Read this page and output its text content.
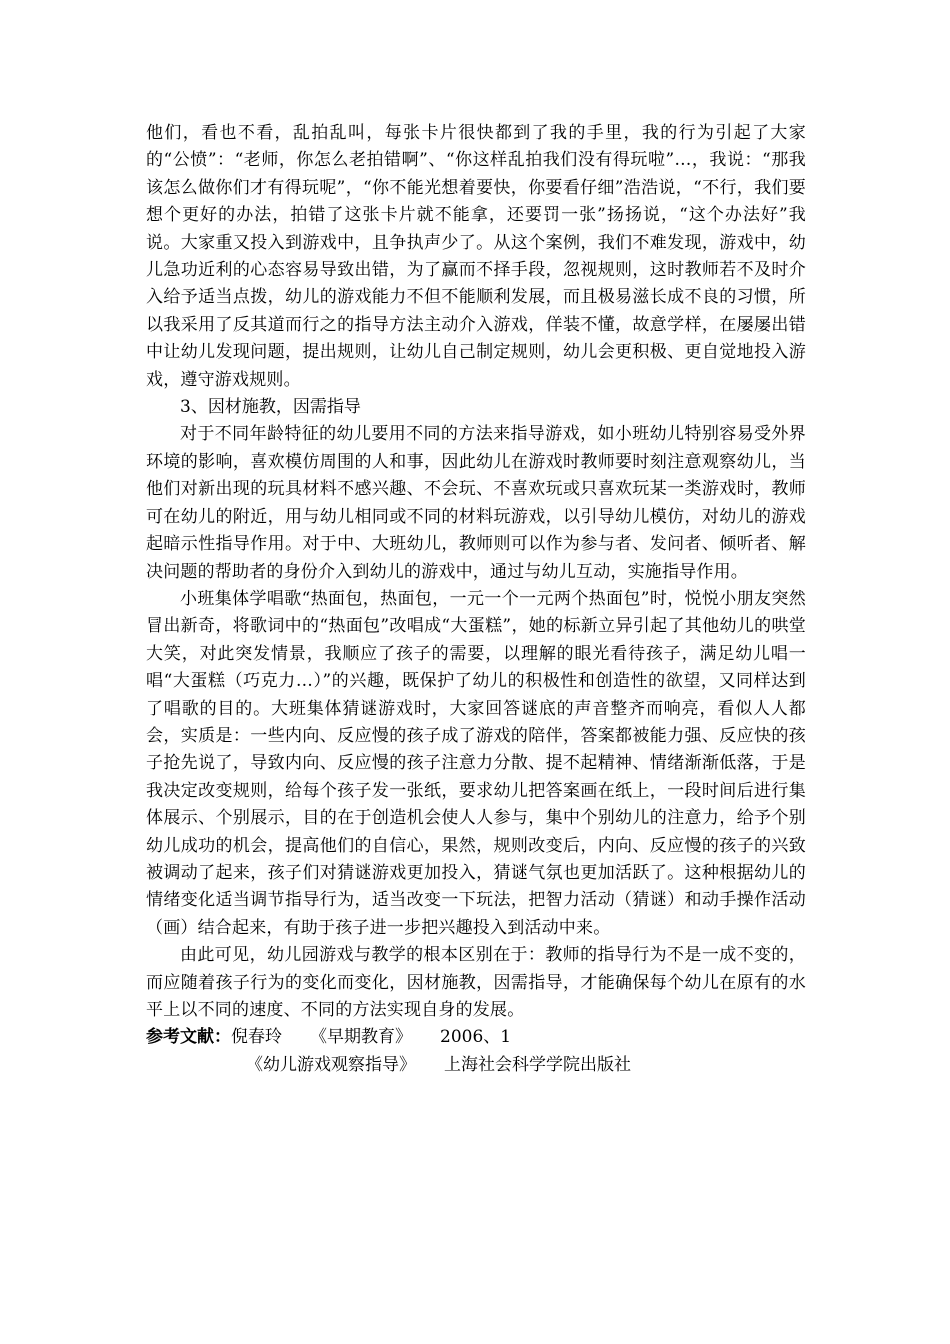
他们，看也不看，乱拍乱叫，每张卡片很快都到了我的手里，我的行为引起了大家的“公愤”：“老师，你怎么老拍错啊”、“你这样乱拍我们没有得玩啦”…，我说：“那我该怎么做你们才有得玩呢”，“你不能光想着要快，你要看仔细”浩浩说，“不行，我们要想个更好的办法，拍错了这张卡片就不能拿，还要罚一张”扬扬说，“这个办法好”我说。大家重又投入到游戏中，且争执声少了。从这个案例，我们不难发现，游戏中，幼儿急功近利的心态容易导致出错，为了赢而不择手段，忽视规则，这时教师若不及时介入给予适当点拨，幼儿的游戏能力不但不能顺利发展，而且极易滋长成不良的习惯，所以我采用了反其道而行之的指导方法主动介入游戏，佯装不懂，故意学样，在屡屡出错中让幼儿发现问题，提出规则，让幼儿自己制定规则，幼儿会更积极、更自觉地投入游戏，遵守游戏规则。

3、因材施教，因需指导

对于不同年龄特征的幼儿要用不同的方法来指导游戏，如小班幼儿特别容易受外界环境的影响，喜欢模仿周围的人和事，因此幼儿在游戏时教师要时刻注意观察幼儿，当他们对新出现的玩具材料不感兴趣、不会玩、不喜欢玩或只喜欢玩某一类游戏时，教师可在幼儿的附近，用与幼儿相同或不同的材料玩游戏，以引导幼儿模仿，对幼儿的游戏起暗示性指导作用。对于中、大班幼儿，教师则可以作为参与者、发问者、倾听者、解决问题的帮助者的身份介入到幼儿的游戏中，通过与幼儿互动，实施指导作用。

小班集体学唱歌“热面包，热面包，一元一个一元两个热面包”时，悦悦小朋友突然冒出新奇，将歌词中的“热面包”改唱成“大蛋糕”，她的标新立异引起了其他幼儿的哄堂大笑，对此突发情景，我顺应了孩子的需要，以理解的眼光看待孩子，满足幼儿唱一唱“大蛋糕（巧克力…）”的兴趣，既保护了幼儿的积极性和创造性的欲望，又同样达到了唱歌的目的。大班集体猜谜游戏时，大家回答谜底的声音整齐而响亮，看似人人都会，实质是：一些内向、反应慢的孩子成了游戏的陪伴，答案都被能力强、反应快的孩子抢先说了，导致内向、反应慢的孩子注意力分散、提不起精神、情绪渐渐低落，于是我决定改变规则，给每个孩子发一张纸，要求幼儿把答案画在纸上，一段时间后进行集体展示、个别展示，目的在于创造机会使人人参与，集中个别幼儿的注意力，给予个别幼儿成功的机会，提高他们的自信心，果然，规则改变后，内向、反应慢的孩子的兴致被调动了起来，孩子们对猜谜游戏更加投入，猜谜气氛也更加活跃了。这种根据幼儿的情绪变化适当调节指导行为，适当改变一下玩法，把智力活动（猜谜）和动手操作活动（画）结合起来，有助于孩子进一步把兴趣投入到活动中来。

由此可见，幼儿园游戏与教学的根本区别在于：教师的指导行为不是一成不变的，而应随着孩子行为的变化而变化，因材施教，因需指导，才能确保每个幼儿在原有的水平上以不同的速度、不同的方法实现自身的发展。

参考文献：倪春玲 《早期教育》 2006、1
《幼儿游戏观察指导》 上海社会科学学院出版社
